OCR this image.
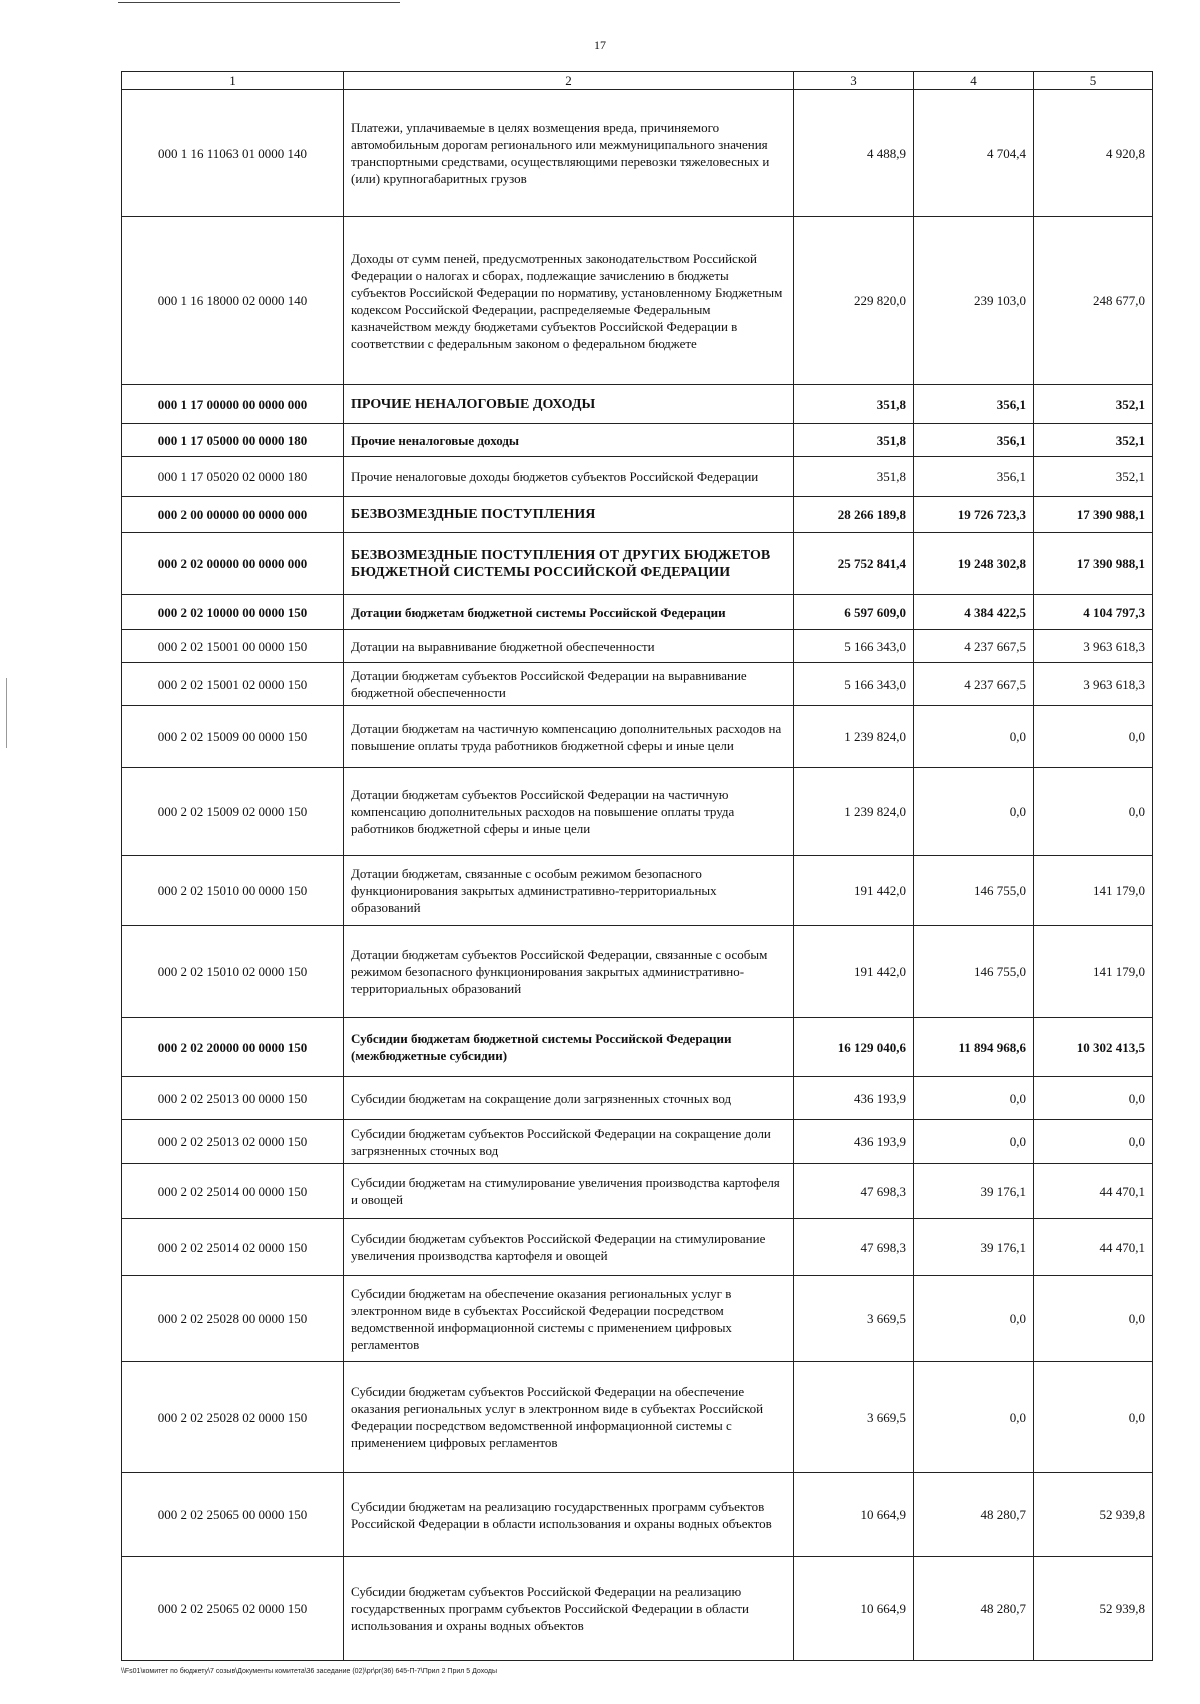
17
1	2	3	4	5
000 1 16 11063 01 0000 140	Платежи, уплачиваемые в целях возмещения вреда, причиняемого автомобильным дорогам регионального или межмуниципального значения транспортными средствами, осуществляющими перевозки тяжеловесных и (или) крупногабаритных грузов	4 488,9	4 704,4	4 920,8
000 1 16 18000 02 0000 140	Доходы от сумм пеней, предусмотренных законодательством Российской Федерации о налогах и сборах, подлежащие зачислению в бюджеты субъектов Российской Федерации по нормативу, установленному Бюджетным кодексом Российской Федерации, распределяемые Федеральным казначейством между бюджетами субъектов Российской Федерации в соответствии с федеральным законом о федеральном бюджете	229 820,0	239 103,0	248 677,0
000 1 17 00000 00 0000 000	ПРОЧИЕ НЕНАЛОГОВЫЕ ДОХОДЫ	351,8	356,1	352,1
000 1 17 05000 00 0000 180	Прочие неналоговые доходы	351,8	356,1	352,1
000 1 17 05020 02 0000 180	Прочие неналоговые доходы бюджетов субъектов Российской Федерации	351,8	356,1	352,1
000 2 00 00000 00 0000 000	БЕЗВОЗМЕЗДНЫЕ ПОСТУПЛЕНИЯ	28 266 189,8	19 726 723,3	17 390 988,1
000 2 02 00000 00 0000 000	БЕЗВОЗМЕЗДНЫЕ ПОСТУПЛЕНИЯ ОТ ДРУГИХ БЮДЖЕТОВ БЮДЖЕТНОЙ СИСТЕМЫ РОССИЙСКОЙ ФЕДЕРАЦИИ	25 752 841,4	19 248 302,8	17 390 988,1
000 2 02 10000 00 0000 150	Дотации бюджетам бюджетной системы Российской Федерации	6 597 609,0	4 384 422,5	4 104 797,3
000 2 02 15001 00 0000 150	Дотации на выравнивание бюджетной обеспеченности	5 166 343,0	4 237 667,5	3 963 618,3
000 2 02 15001 02 0000 150	Дотации бюджетам субъектов Российской Федерации на выравнивание бюджетной обеспеченности	5 166 343,0	4 237 667,5	3 963 618,3
000 2 02 15009 00 0000 150	Дотации бюджетам на частичную компенсацию дополнительных расходов на повышение оплаты труда работников бюджетной сферы и иные цели	1 239 824,0	0,0	0,0
000 2 02 15009 02 0000 150	Дотации бюджетам субъектов Российской Федерации на частичную компенсацию дополнительных расходов на повышение оплаты труда работников бюджетной сферы и иные цели	1 239 824,0	0,0	0,0
000 2 02 15010 00 0000 150	Дотации бюджетам, связанные с особым режимом безопасного функционирования закрытых административно-территориальных образований	191 442,0	146 755,0	141 179,0
000 2 02 15010 02 0000 150	Дотации бюджетам субъектов Российской Федерации, связанные с особым режимом безопасного функционирования закрытых административно-территориальных образований	191 442,0	146 755,0	141 179,0
000 2 02 20000 00 0000 150	Субсидии бюджетам бюджетной системы Российской Федерации (межбюджетные субсидии)	16 129 040,6	11 894 968,6	10 302 413,5
000 2 02 25013 00 0000 150	Субсидии бюджетам на сокращение доли загрязненных сточных вод	436 193,9	0,0	0,0
000 2 02 25013 02 0000 150	Субсидии бюджетам субъектов Российской Федерации на сокращение доли загрязненных сточных вод	436 193,9	0,0	0,0
000 2 02 25014 00 0000 150	Субсидии бюджетам на стимулирование увеличения производства картофеля и овощей	47 698,3	39 176,1	44 470,1
000 2 02 25014 02 0000 150	Субсидии бюджетам субъектов Российской Федерации на стимулирование увеличения производства картофеля и овощей	47 698,3	39 176,1	44 470,1
000 2 02 25028 00 0000 150	Субсидии бюджетам на обеспечение оказания региональных услуг в электронном виде в субъектах Российской Федерации посредством ведомственной информационной системы с применением цифровых регламентов	3 669,5	0,0	0,0
000 2 02 25028 02 0000 150	Субсидии бюджетам субъектов Российской Федерации на обеспечение оказания региональных услуг в электронном виде в субъектах Российской Федерации посредством ведомственной информационной системы с применением цифровых регламентов	3 669,5	0,0	0,0
000 2 02 25065 00 0000 150	Субсидии бюджетам на реализацию государственных программ субъектов Российской Федерации в области использования и охраны водных объектов	10 664,9	48 280,7	52 939,8
000 2 02 25065 02 0000 150	Субсидии бюджетам субъектов Российской Федерации на реализацию государственных программ субъектов Российской Федерации в области использования и охраны водных объектов	10 664,9	48 280,7	52 939,8
\\Fs01\комитет по бюджету\7 созыв\Документы комитета\36 заседание (02)\pr\pr(36) 645-П-7\Прил 2 Прил 5 Доходы
